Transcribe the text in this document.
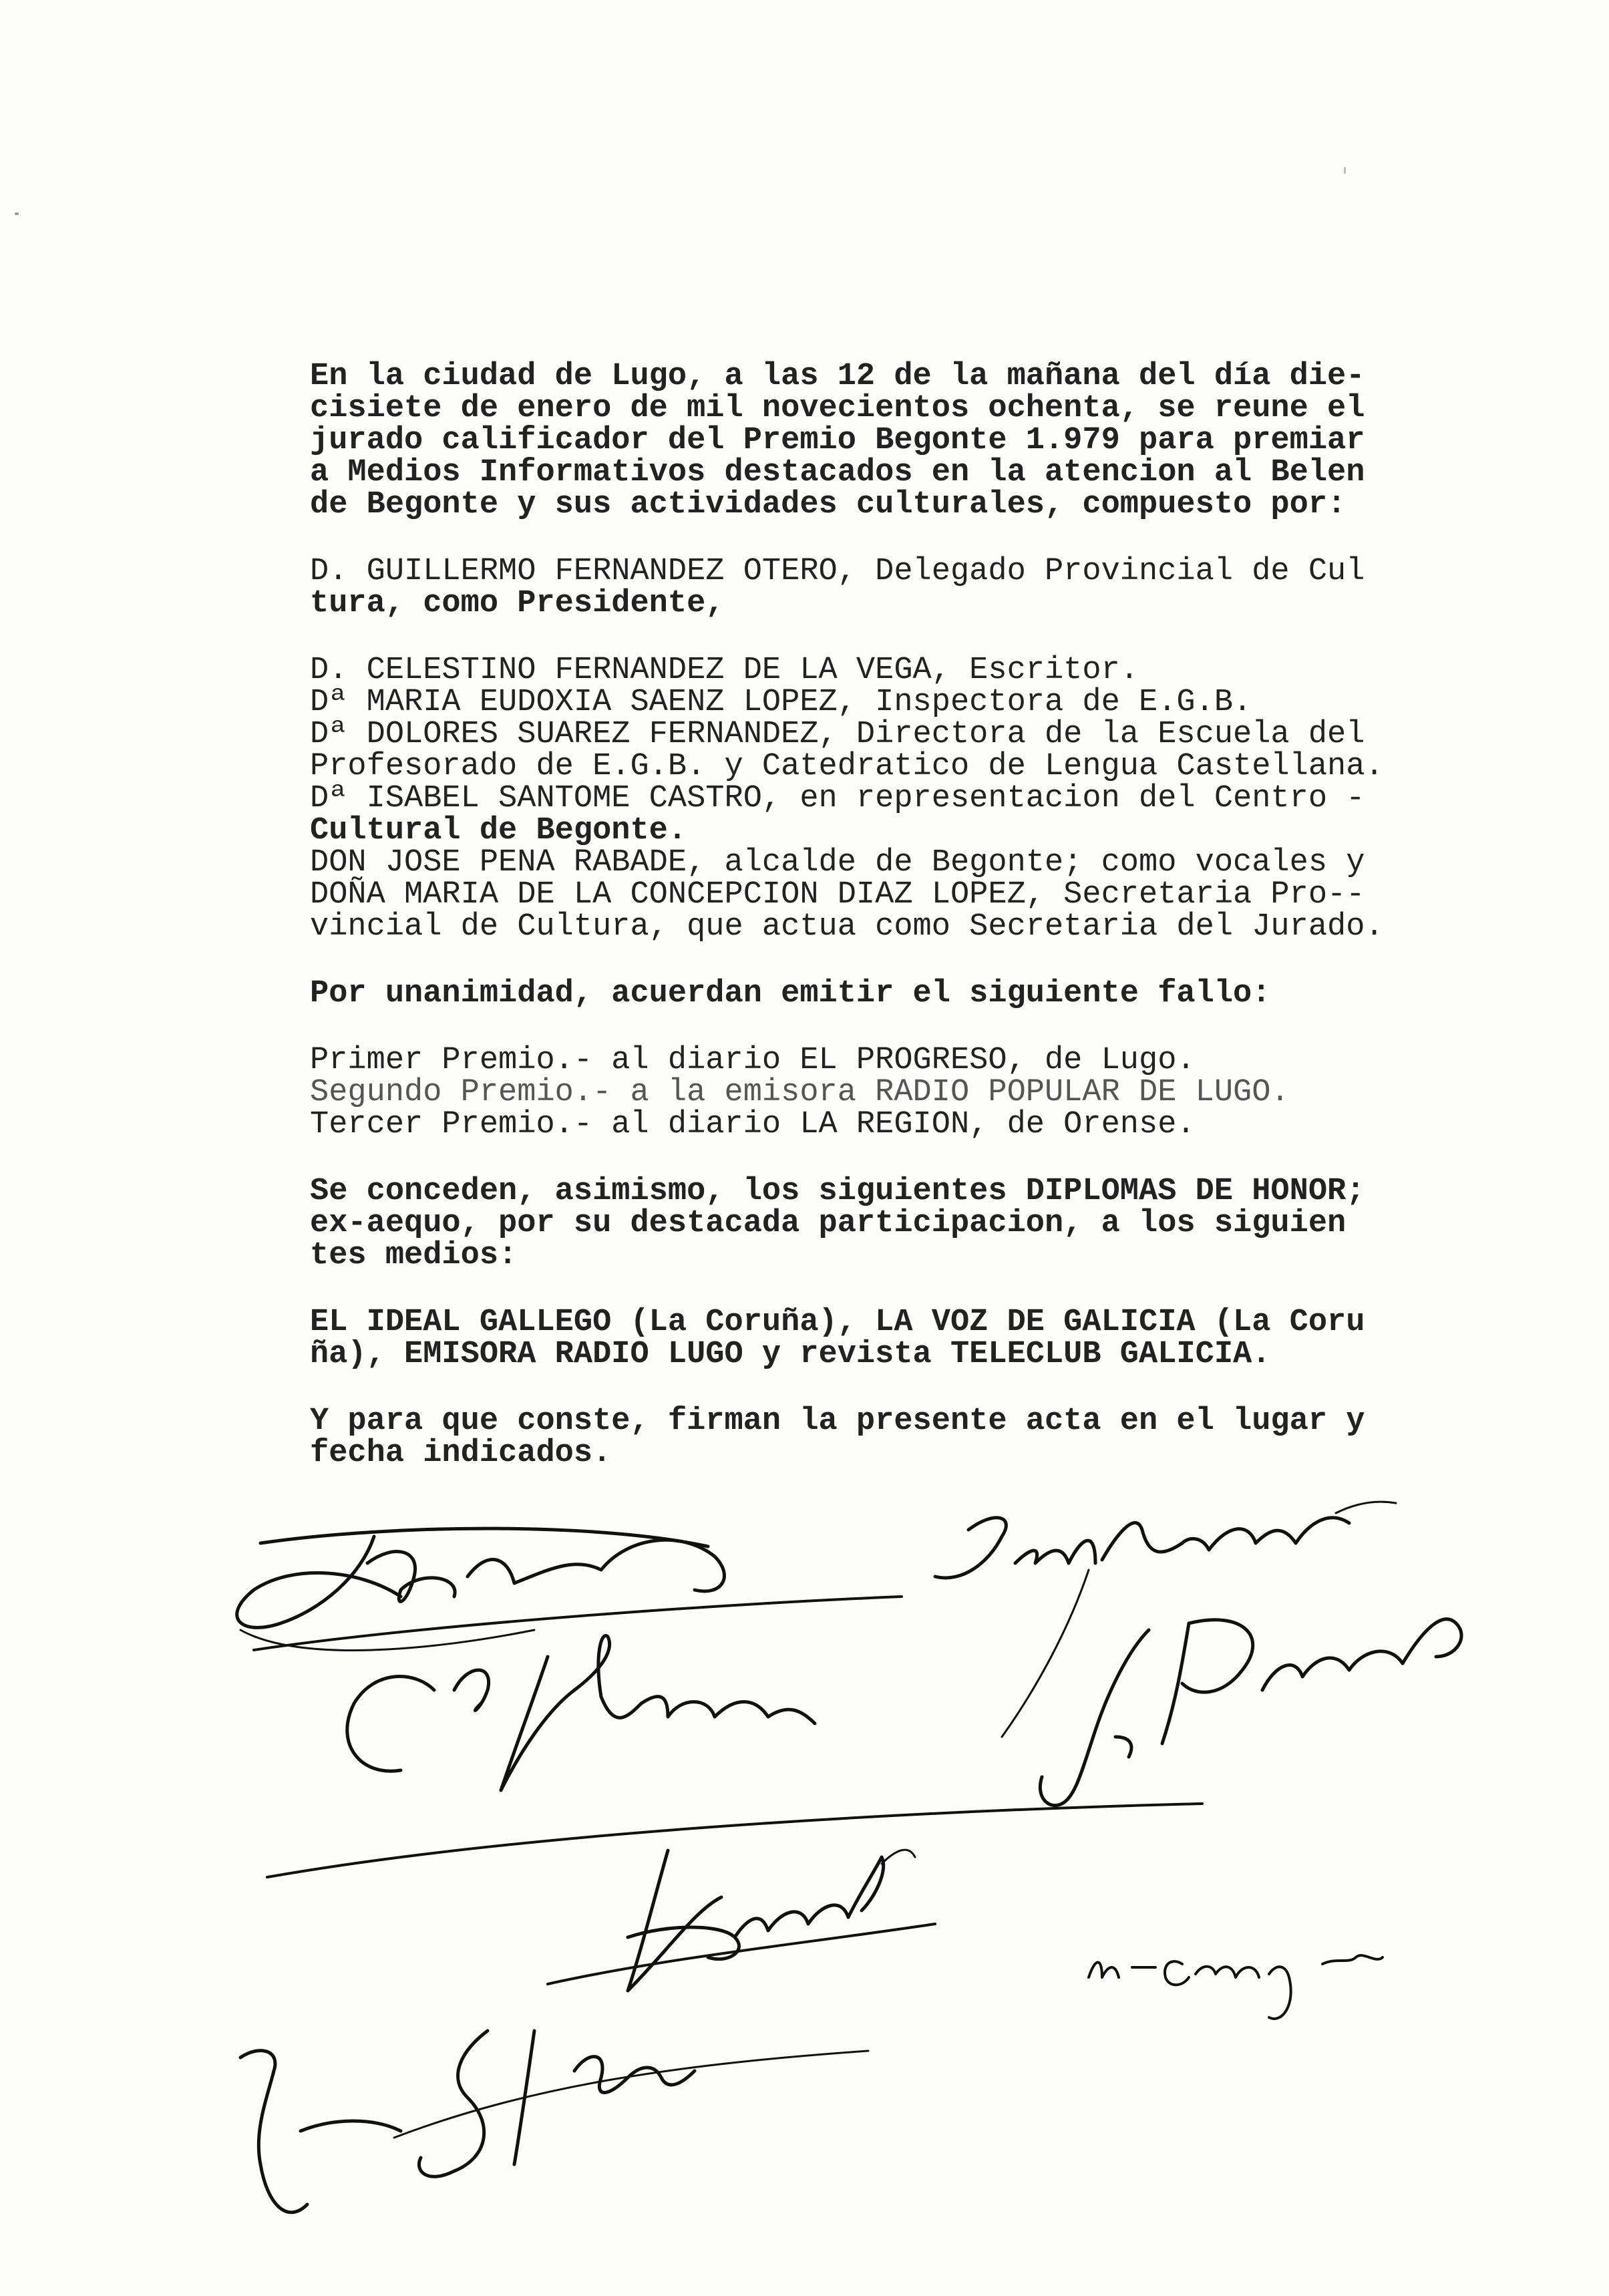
En la ciudad de Lugo, a las 12 de la mañana del día die-
cisiete de enero de mil novecientos ochenta, se reune el
jurado calificador del Premio Begonte 1.979 para premiar
a Medios Informativos destacados en la atencion al Belen
de Begonte y sus actividades culturales, compuesto por:

D. GUILLERMO FERNANDEZ OTERO, Delegado Provincial de Cul
tura, como Presidente,

D. CELESTINO FERNANDEZ DE LA VEGA, Escritor.
Dª MARIA EUDOXIA SAENZ LOPEZ, Inspectora de E.G.B.
Dª DOLORES SUAREZ FERNANDEZ, Directora de la Escuela del
Profesorado de E.G.B. y Catedratico de Lengua Castellana.
Dª ISABEL SANTOME CASTRO, en representacion del Centro -
Cultural de Begonte.
DON JOSE PENA RABADE, alcalde de Begonte; como vocales y
DOÑA MARIA DE LA CONCEPCION DIAZ LOPEZ, Secretaria Pro--
vincial de Cultura, que actua como Secretaria del Jurado.

Por unanimidad, acuerdan emitir el siguiente fallo:

Primer Premio.- al diario EL PROGRESO, de Lugo.
Segundo Premio.- a la emisora RADIO POPULAR DE LUGO.
Tercer Premio.- al diario LA REGION, de Orense.

Se conceden, asimismo, los siguientes DIPLOMAS DE HONOR;
ex-aequo, por su destacada participacion, a los siguien
tes medios:

EL IDEAL GALLEGO (La Coruña), LA VOZ DE GALICIA (La Coru
ña), EMISORA RADIO LUGO y revista TELECLUB GALICIA.

Y para que conste, firman la presente acta en el lugar y
fecha indicados.
